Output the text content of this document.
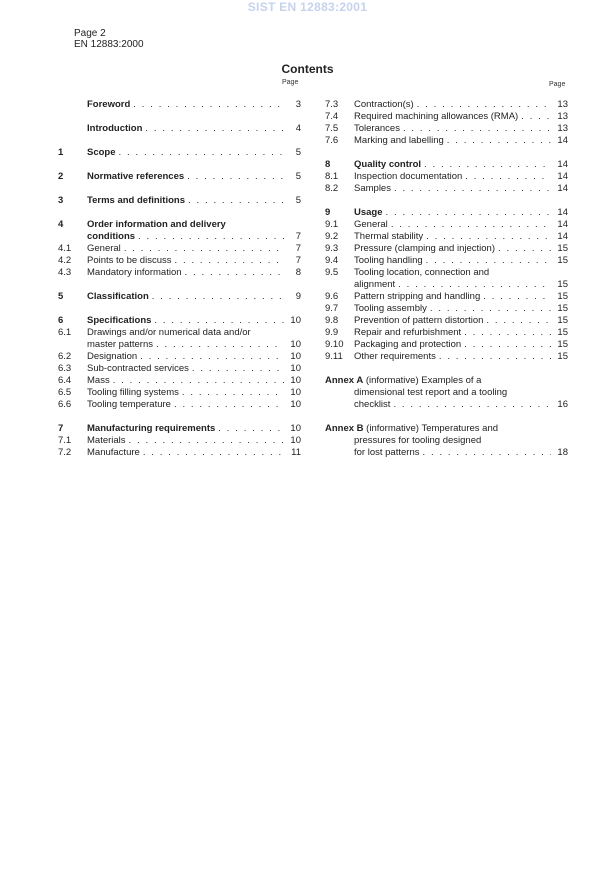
SIST EN 12883:2001
Page 2
EN 12883:2000
Contents
Page	Page
Foreword . . .	3
Introduction . . .	4
1 Scope . . .	5
2 Normative references . . .	5
3 Terms and definitions . . .	5
4 Order information and delivery
conditions . . .	7
4.1 General . . .	7
4.2 Points to be discuss . . .	7
4.3 Mandatory information . . .	8
5 Classification . . .	9
6 Specifications . . .	10
6.1 Drawings and/or numerical data and/or
master patterns . . .	10
6.2 Designation . . .	10
6.3 Sub-contracted services . . .	10
6.4 Mass . . .	10
6.5 Tooling filling systems . . .	10
6.6 Tooling temperature . . .	10
7 Manufacturing requirements . . .	10
7.1 Materials . . .	10
7.2 Manufacture . . .	11
7.3 Contraction(s) . . .	13
7.4 Required machining allowances (RMA) . . .	13
7.5 Tolerances . . .	13
7.6 Marking and labelling . . .	14
8 Quality control . . .	14
8.1 Inspection documentation . . .	14
8.2 Samples . . .	14
9 Usage . . .	14
9.1 General . . .	14
9.2 Thermal stability . . .	14
9.3 Pressure (clamping and injection) . . .	15
9.4 Tooling handling . . .	15
9.5 Tooling location, connection and
alignment . . .	15
9.6 Pattern stripping and handling . . .	15
9.7 Tooling assembly . . .	15
9.8 Prevention of pattern distortion . . .	15
9.9 Repair and refurbishment . . .	15
9.10 Packaging and protection . . .	15
9.11 Other requirements . . .	15
Annex A (informative) Examples of a
dimensional test report and a tooling
checklist . . .	16
Annex B (informative) Temperatures and
pressures for tooling designed
for lost patterns . . .	18
